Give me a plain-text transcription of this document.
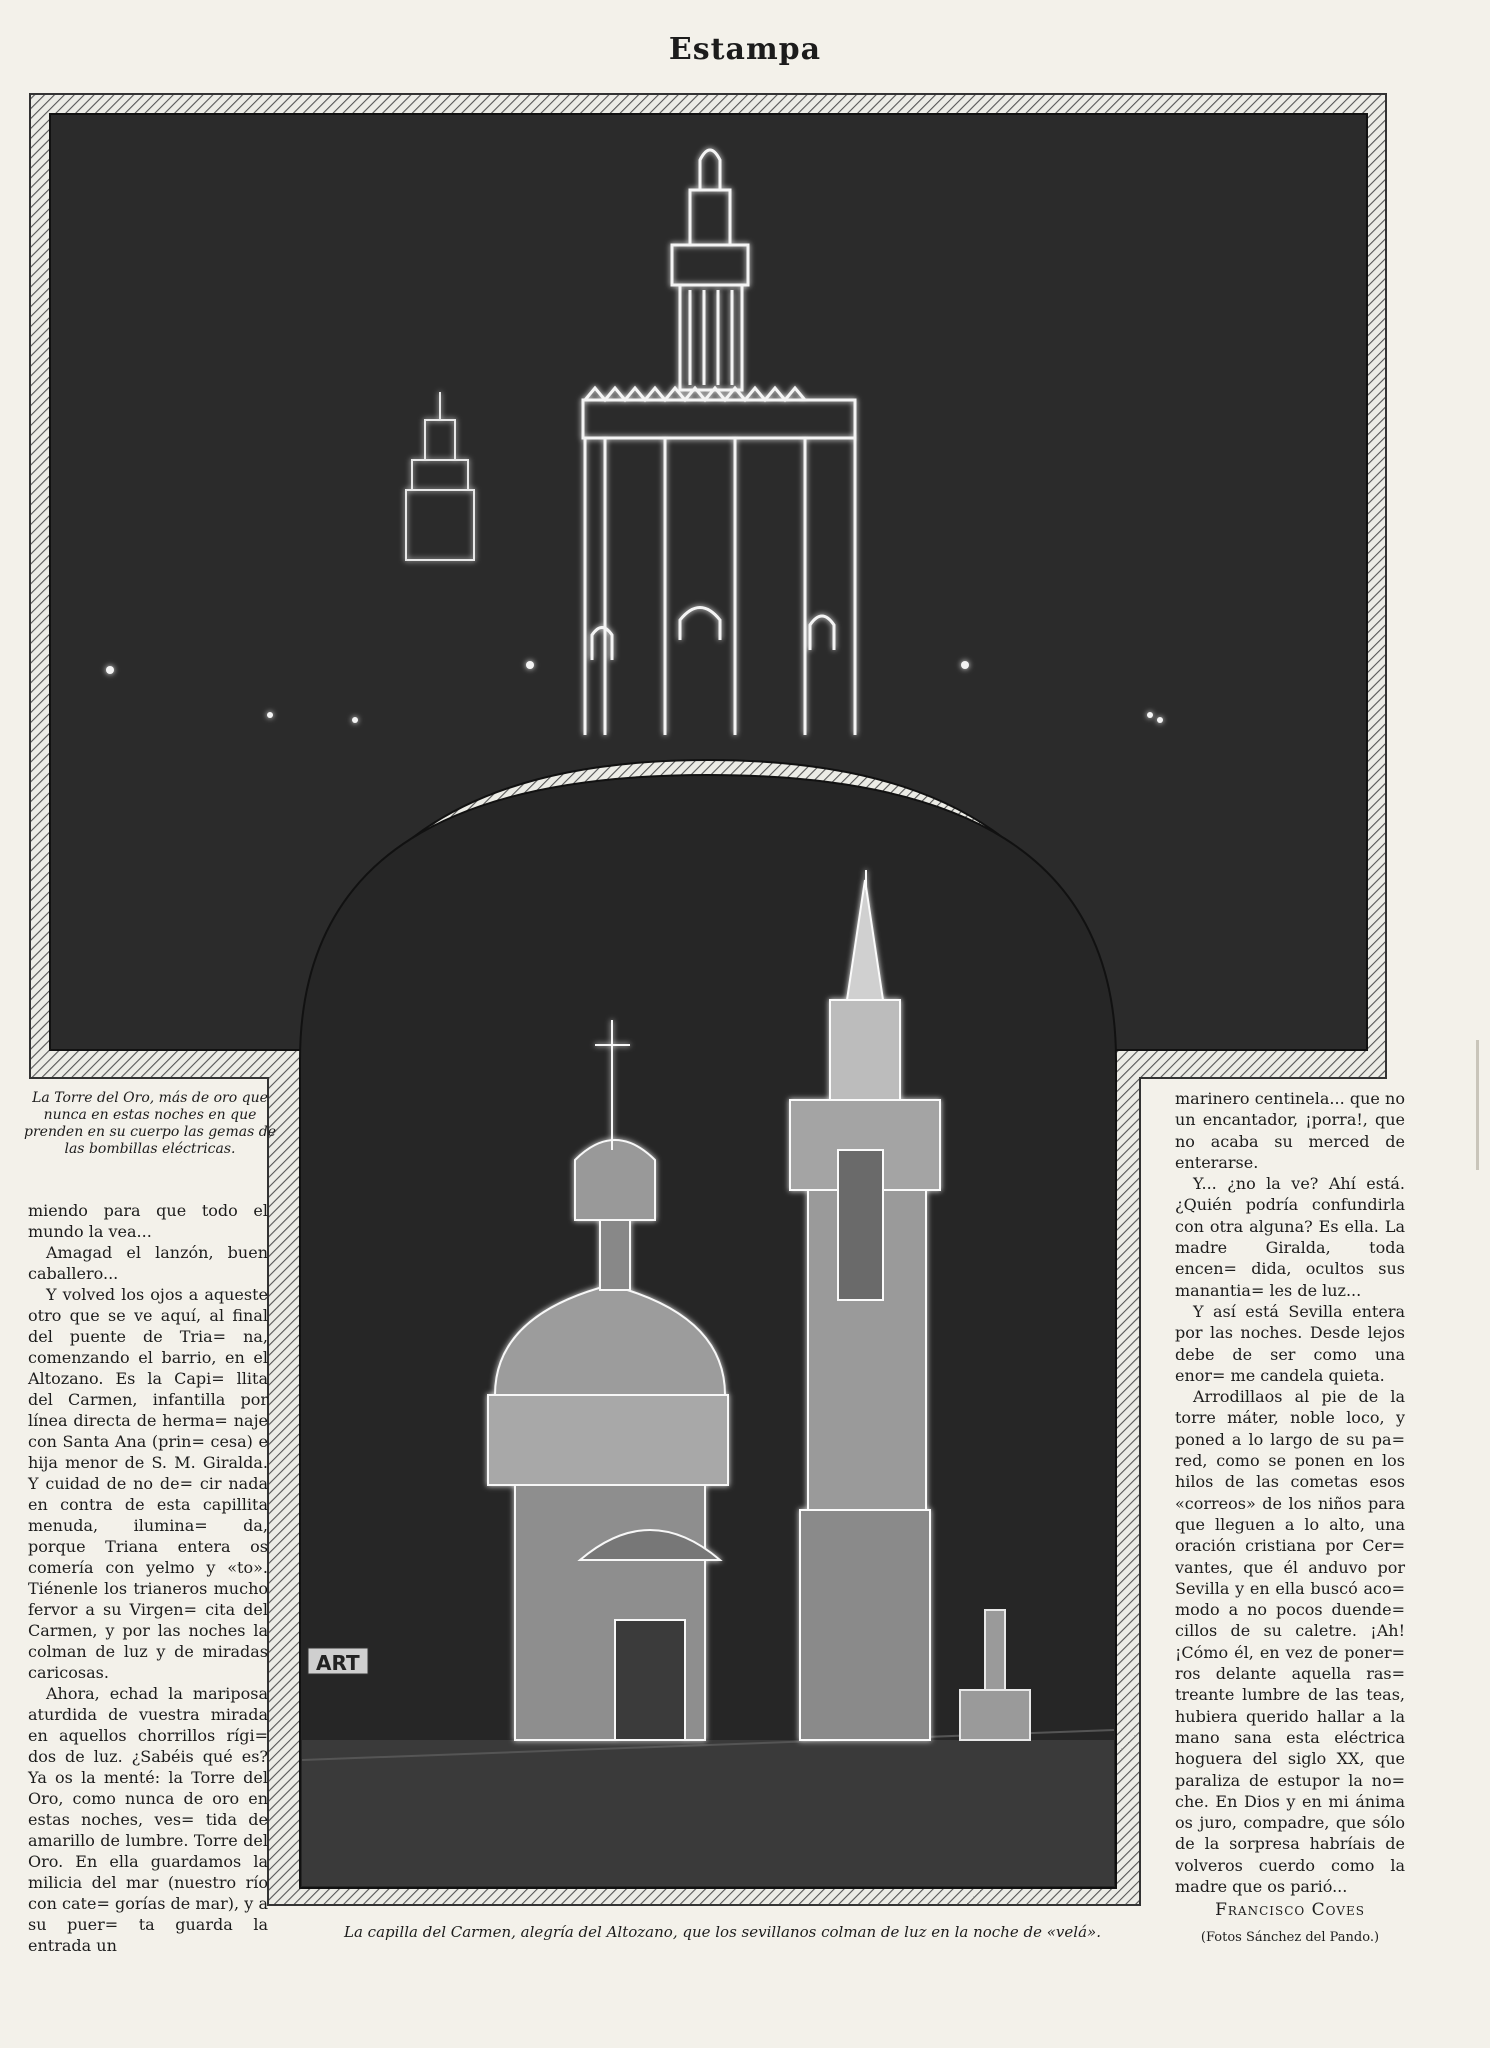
Estampa
ART
La Torre del Oro, más de oro que nunca en estas noches en que prenden en su cuerpo las gemas de las bombillas eléctricas.

miendo para que todo el mundo la vea...

Amagad el lanzón, buen caballero...

Y volved los ojos a aqueste otro que se ve aquí, al final del puente de Tria= na, comenzando el barrio, en el Altozano. Es la Capi= llita del Carmen, infantilla por línea directa de herma= naje con Santa Ana (prin= cesa) e hija menor de S. M. Giralda. Y cuidad de no de= cir nada en contra de esta capillita menuda, ilumina= da, porque Triana entera os comería con yelmo y «to». Tiénenle los trianeros mucho fervor a su Virgen= cita del Carmen, y por las noches la colman de luz y de miradas caricosas.

Ahora, echad la mariposa aturdida de vuestra mirada en aquellos chorrillos rígi= dos de luz. ¿Sabéis qué es? Ya os la menté: la Torre del Oro, como nunca de oro en estas noches, ves= tida de amarillo de lumbre. Torre del Oro. En ella guardamos la milicia del mar (nuestro río con cate= gorías de mar), y a su puer= ta guarda la entrada un

marinero centinela... que no un encantador, ¡porra!, que no acaba su merced de enterarse.

Y... ¿no la ve? Ahí está. ¿Quién podría confundirla con otra alguna? Es ella. La madre Giralda, toda encen= dida, ocultos sus manantia= les de luz...

Y así está Sevilla entera por las noches. Desde lejos debe de ser como una enor= me candela quieta.

Arrodillaos al pie de la torre máter, noble loco, y poned a lo largo de su pa= red, como se ponen en los hilos de las cometas esos «correos» de los niños para que lleguen a lo alto, una oración cristiana por Cer= vantes, que él anduvo por Sevilla y en ella buscó aco= modo a no pocos duende= cillos de su caletre. ¡Ah! ¡Cómo él, en vez de poner= ros delante aquella ras= treante lumbre de las teas, hubiera querido hallar a la mano sana esta eléctrica hoguera del siglo XX, que paraliza de estupor la no= che. En Dios y en mi ánima os juro, compadre, que sólo de la sorpresa habríais de volveros cuerdo como la madre que os parió...

Francisco Coves
(Fotos Sánchez del Pando.)
La capilla del Carmen, alegría del Altozano, que los sevillanos colman de luz en la noche de «velá».
